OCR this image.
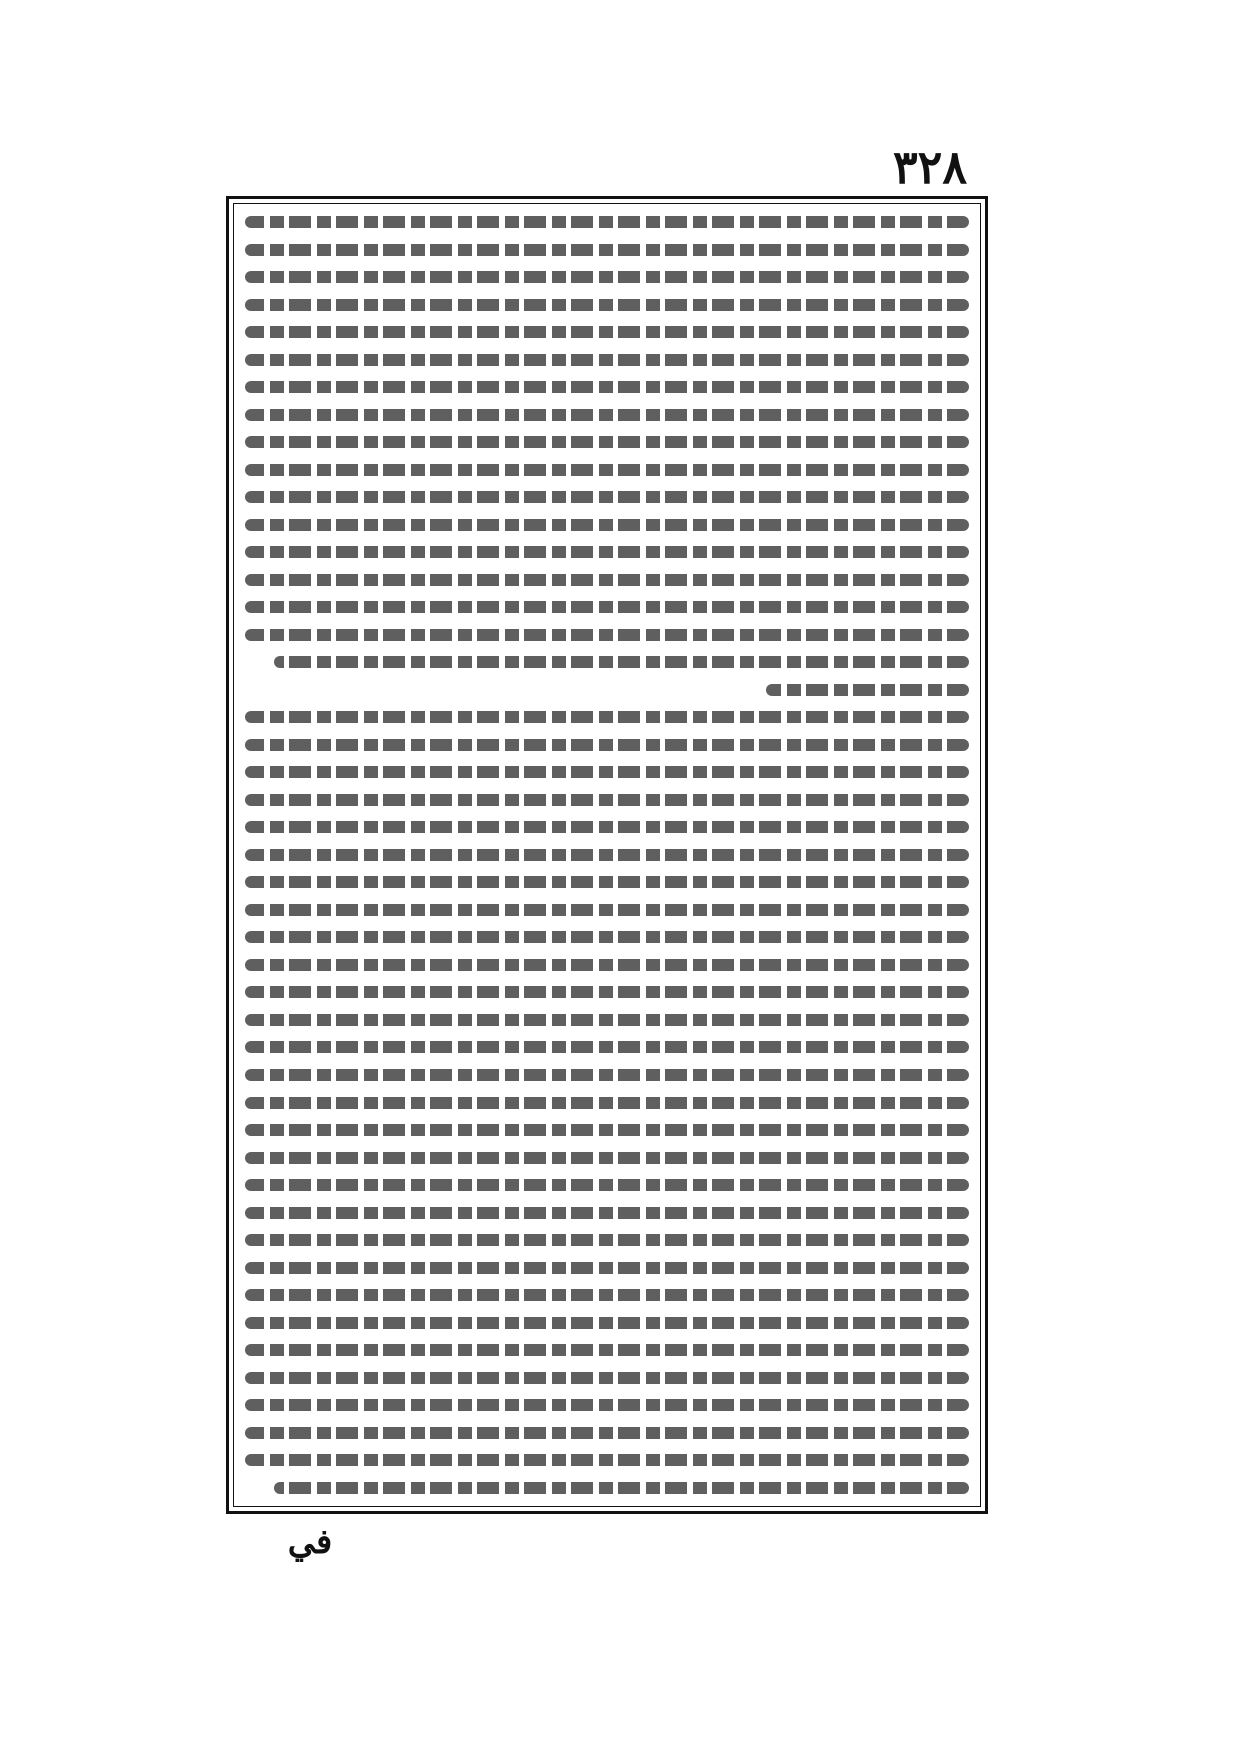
٣٢٨
في
